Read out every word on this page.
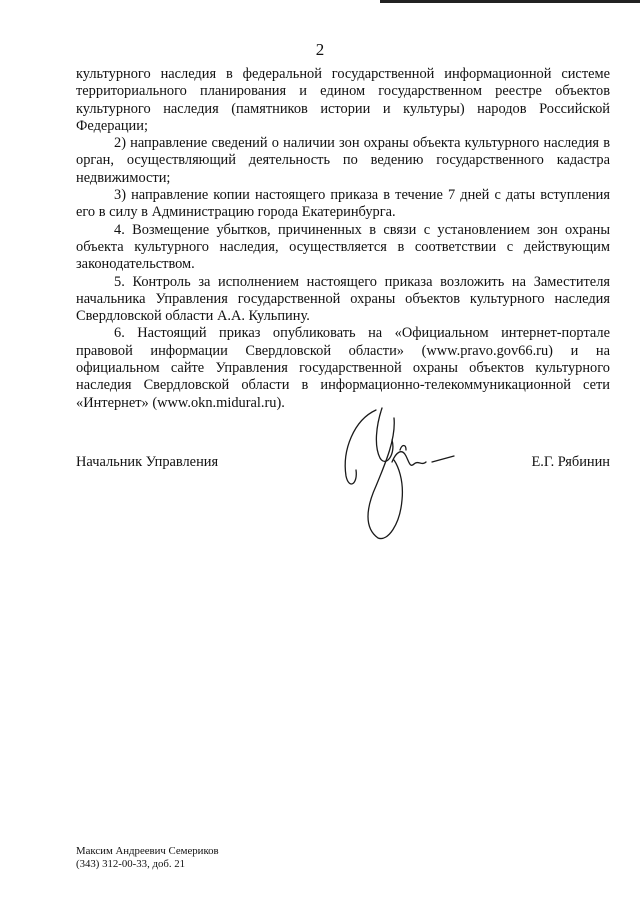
2

культурного наследия в федеральной государственной информационной системе территориального планирования и едином государственном реестре объектов культурного наследия (памятников истории и культуры) народов Российской Федерации;

2) направление сведений о наличии зон охраны объекта культурного наследия в орган, осуществляющий деятельность по ведению государственного кадастра недвижимости;

3) направление копии настоящего приказа в течение 7 дней с даты вступления его в силу в Администрацию города Екатеринбурга.

4. Возмещение убытков, причиненных в связи с установлением зон охраны объекта культурного наследия, осуществляется в соответствии с действующим законодательством.

5. Контроль за исполнением настоящего приказа возложить на Заместителя начальника Управления государственной охраны объектов культурного наследия Свердловской области А.А. Кульпину.

6. Настоящий приказ опубликовать на «Официальном интернет-портале правовой информации Свердловской области» (www.pravo.gov66.ru) и на официальном сайте Управления государственной охраны объектов культурного наследия Свердловской области в информационно-телекоммуникационной сети «Интернет» (www.okn.midural.ru).

Начальник Управления	Е.Г. Рябинин
Максим Андреевич Семериков
(343) 312-00-33, доб. 21
